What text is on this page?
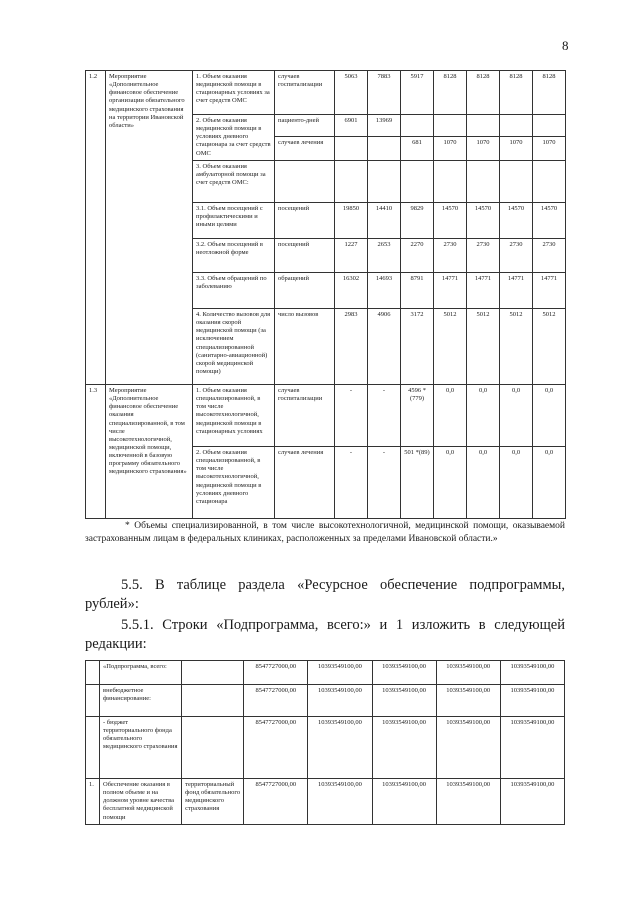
8
1.2	Мероприятие «Дополнительное финансовое обеспечение организации обязательного медицинского страхования на территории Ивановской области»	1. Объем оказания медицинской помощи в стационарных условиях за счет средств ОМС	случаев госпитализации	5063	7883	5917	8128	8128	8128	8128
		2. Объем оказания медицинской помощи в условиях дневного стационара за счет средств ОМС	пациенто-дней	6901	13969					
			случаев лечения			681	1070	1070	1070	1070
		3. Объем оказания амбулаторной помощи за счет средств ОМС:								
		3.1. Объем посещений с профилактическими и иными целями	посещений	19850	14410	9829	14570	14570	14570	14570
		3.2. Объем посещений в неотложной форме	посещений	1227	2653	2270	2730	2730	2730	2730
		3.3. Объем обращений по заболеванию	обращений	16302	14693	8791	14771	14771	14771	14771
		4. Количество вызовов для оказания скорой медицинской помощи (за исключением специализированной (санитарно-авиационной) скорой медицинской помощи)	число вызовов	2983	4906	3172	5012	5012	5012	5012
1.3	Мероприятие «Дополнительное финансовое обеспечение оказания специализированной, в том числе высокотехнологичной, медицинской помощи, включенной в базовую программу обязательного медицинского страхования»	1. Объем оказания специализированной, в том числе высокотехнологичной, медицинской помощи в стационарных условиях	случаев госпитализации	-	-	4596 *(779)	0,0	0,0	0,0	0,0
		2. Объем оказания специализированной, в том числе высокотехнологичной, медицинской помощи в условиях дневного стационара	случаев лечения	-	-	501 *(89)	0,0	0,0	0,0	0,0
* Объемы специализированной, в том числе высокотехнологичной, медицинской помощи, оказываемой застрахованным лицам в федеральных клиниках, расположенных за пределами Ивановской области.»
5.5. В таблице раздела «Ресурсное обеспечение подпрограммы, рублей»:
5.5.1. Строки «Подпрограмма, всего:» и 1 изложить в следующей редакции:
	«Подпрограмма, всего:		8547727000,00	10393549100,00	10393549100,00	10393549100,00	10393549100,00
	внебюджетное финансирование:		8547727000,00	10393549100,00	10393549100,00	10393549100,00	10393549100,00
	- бюджет территориального фонда обязательного медицинского страхования		8547727000,00	10393549100,00	10393549100,00	10393549100,00	10393549100,00
1.	Обеспечение оказания в полном объеме и на должном уровне качества бесплатной медицинской помощи	территориальный фонд обязательного медицинского страхования	8547727000,00	10393549100,00	10393549100,00	10393549100,00	10393549100,00
